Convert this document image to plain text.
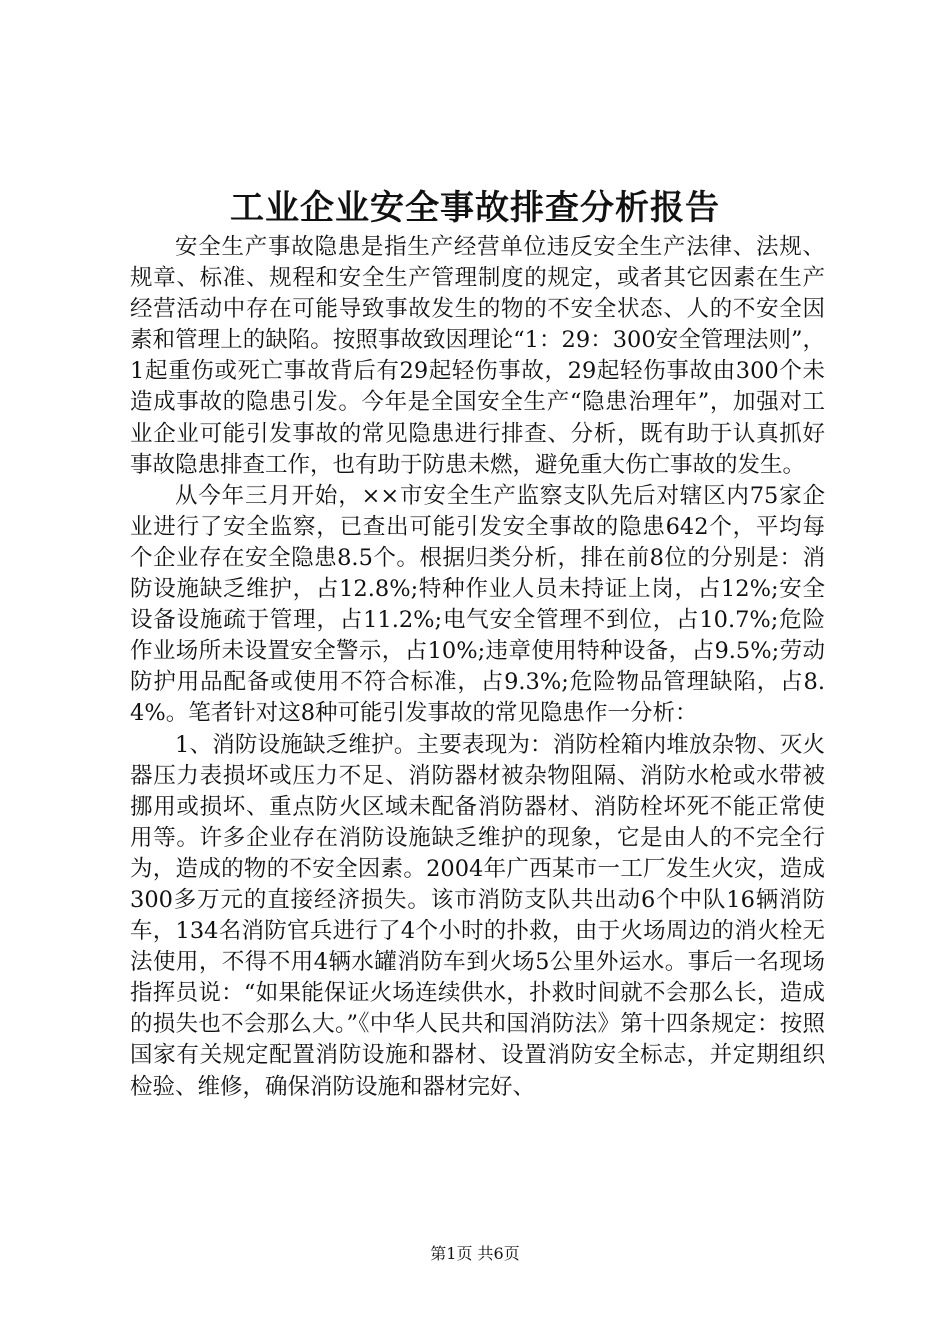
工业企业安全事故排查分析报告

安全生产事故隐患是指生产经营单位违反安全生产法律、法规、规章、标准、规程和安全生产管理制度的规定，或者其它因素在生产经营活动中存在可能导致事故发生的物的不安全状态、人的不安全因素和管理上的缺陷。按照事故致因理论“1：29：300安全管理法则”，1起重伤或死亡事故背后有29起轻伤事故，29起轻伤事故由300个未造成事故的隐患引发。今年是全国安全生产“隐患治理年”，加强对工业企业可能引发事故的常见隐患进行排查、分析，既有助于认真抓好事故隐患排查工作，也有助于防患未燃，避免重大伤亡事故的发生。

从今年三月开始，××市安全生产监察支队先后对辖区内75家企业进行了安全监察，已查出可能引发安全事故的隐患642个，平均每个企业存在安全隐患8.5个。根据归类分析，排在前8位的分别是：消防设施缺乏维护，占12.8%;特种作业人员未持证上岗，占12%;安全设备设施疏于管理，占11.2%;电气安全管理不到位，占10.7%;危险作业场所未设置安全警示，占10%;违章使用特种设备，占9.5%;劳动防护用品配备或使用不符合标准，占9.3%;危险物品管理缺陷，占8.4%。笔者针对这8种可能引发事故的常见隐患作一分析：

1、消防设施缺乏维护。主要表现为：消防栓箱内堆放杂物、灭火器压力表损坏或压力不足、消防器材被杂物阻隔、消防水枪或水带被挪用或损坏、重点防火区域未配备消防器材、消防栓坏死不能正常使用等。许多企业存在消防设施缺乏维护的现象，它是由人的不完全行为，造成的物的不安全因素。2004年广西某市一工厂发生火灾，造成300多万元的直接经济损失。该市消防支队共出动6个中队16辆消防车，134名消防官兵进行了4个小时的扑救，由于火场周边的消火栓无法使用，不得不用4辆水罐消防车到火场5公里外运水。事后一名现场指挥员说：“如果能保证火场连续供水，扑救时间就不会那么长，造成的损失也不会那么大。”《中华人民共和国消防法》第十四条规定：按照国家有关规定配置消防设施和器材、设置消防安全标志，并定期组织检验、维修，确保消防设施和器材完好、

第1页 共6页
